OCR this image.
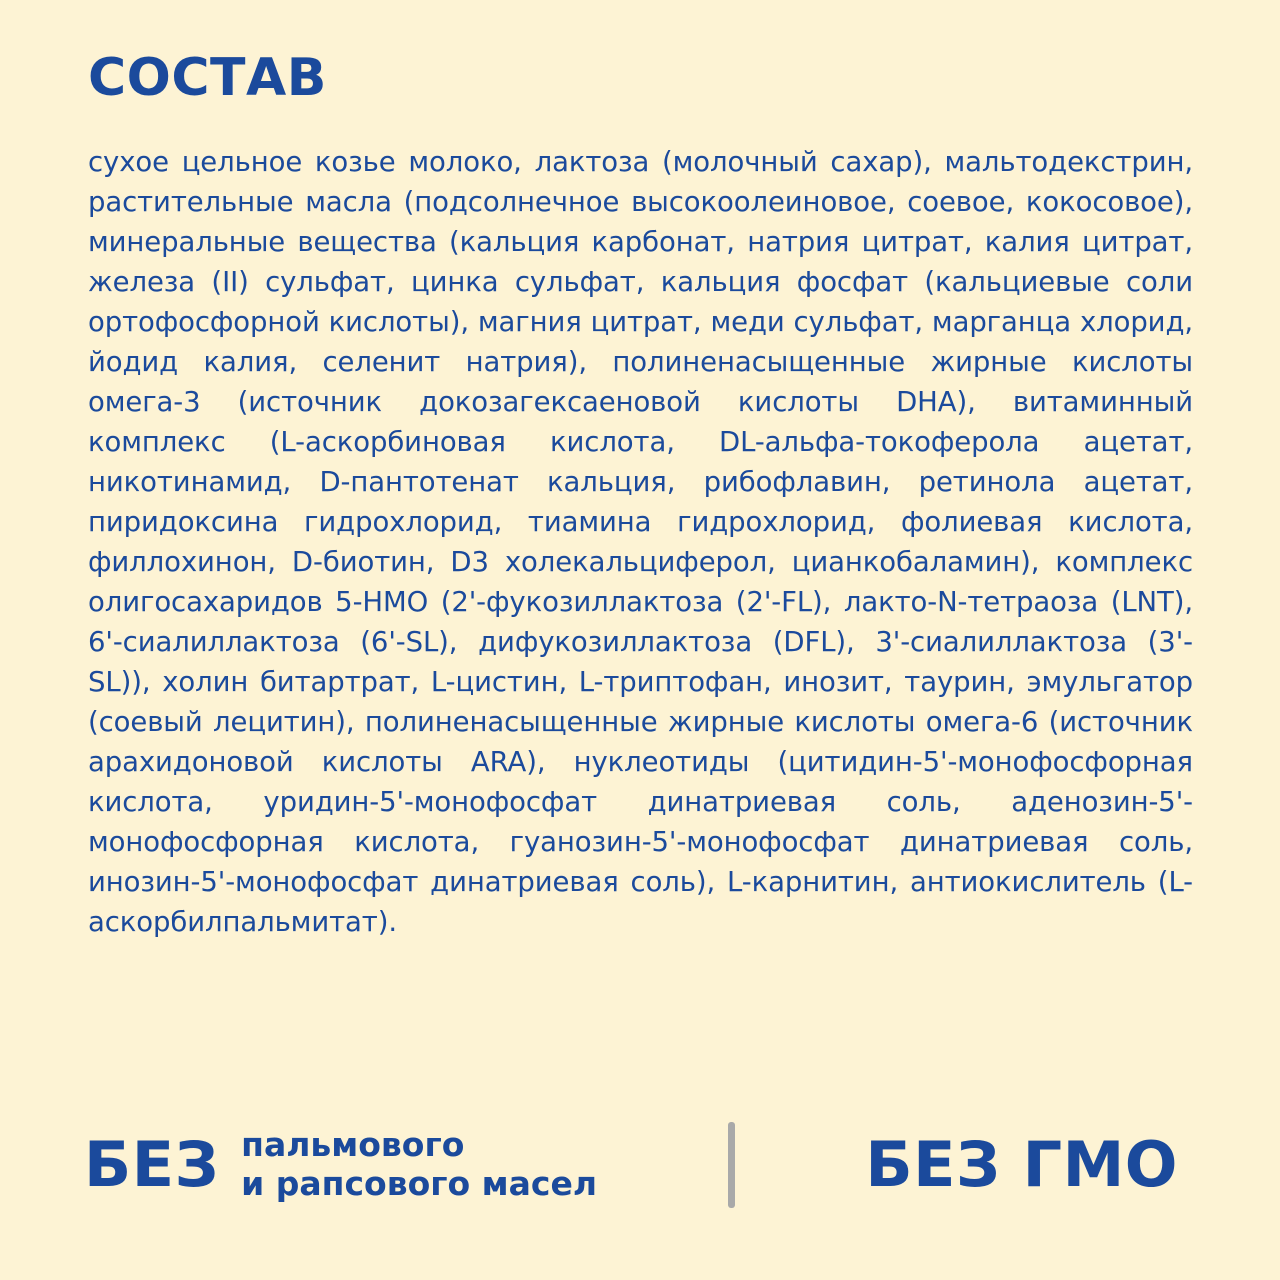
СОСТАВ

сухое цельное козье молоко, лактоза (молочный сахар), мальтодекстрин, растительные масла (подсолнечное высокоолеиновое, соевое, кокосовое), минеральные вещества (кальция карбонат, натрия цитрат, калия цитрат, железа (II) сульфат, цинка сульфат, кальция фосфат (кальциевые соли ортофосфорной кислоты), магния цитрат, меди сульфат, марганца хлорид, йодид калия, селенит натрия), полиненасыщенные жирные кислоты омега-3 (источник докозагексаеновой кислоты DHA), витаминный комплекс (L-аскорбиновая кислота, DL-альфа-токоферола ацетат, никотинамид, D-пантотенат кальция, рибофлавин, ретинола ацетат, пиридоксина гидрохлорид, тиамина гидрохлорид, фолиевая кислота, филлохинон, D-биотин, D3 холекальциферол, цианкобаламин), комплекс олигосахаридов 5-HMO (2'-фукозиллактоза (2'-FL), лакто-N-тетраоза (LNT), 6'-сиалиллактоза (6'-SL), дифукозиллактоза (DFL), 3'-сиалиллактоза (3'-SL)), холин битартрат, L-цистин, L-триптофан, инозит, таурин, эмульгатор (соевый лецитин), полиненасыщенные жирные кислоты омега-6 (источник арахидоновой кислоты ARA), нуклеотиды (цитидин-5'-монофосфорная кислота, уридин-5'-монофосфат динатриевая соль, аденозин-5'-монофосфорная кислота, гуанозин-5'-монофосфат динатриевая соль, инозин-5'-монофосфат динатриевая соль), L-карнитин, антиокислитель (L-аскорбилпальмитат).

БЕЗ пальмового
и рапсового масел	БЕЗ ГМО
